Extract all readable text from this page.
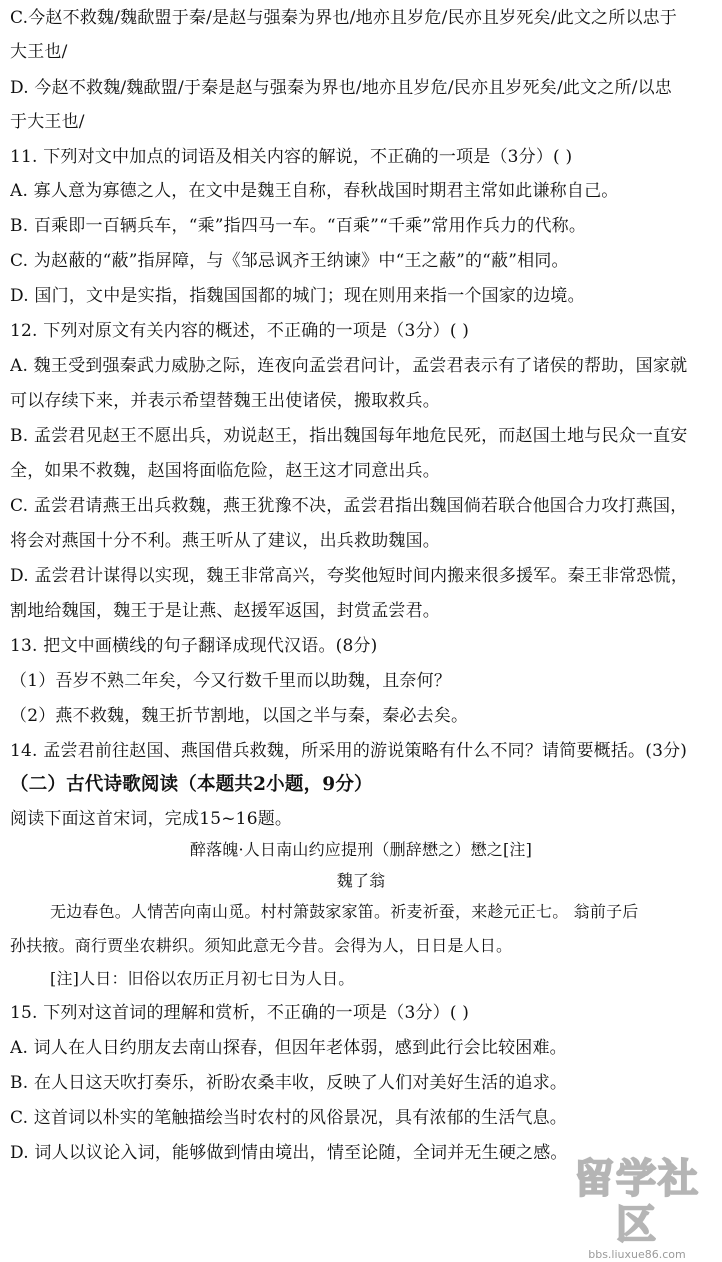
C.今赵不救魏/魏歃盟于秦/是赵与强秦为界也/地亦且岁危/民亦且岁死矣/此文之所以忠于
大王也/
D. 今赵不救魏/魏歃盟/于秦是赵与强秦为界也/地亦且岁危/民亦且岁死矣/此文之所/以忠
于大王也/
11. 下列对文中加点的词语及相关内容的解说，不正确的一项是（3分）( )
A. 寡人意为寡德之人，在文中是魏王自称，春秋战国时期君主常如此谦称自己。
B. 百乘即一百辆兵车，“乘”指四马一车。“百乘”“千乘”常用作兵力的代称。
C. 为赵蔽的“蔽”指屏障，与《邹忌讽齐王纳谏》中“王之蔽”的“蔽”相同。
D. 国门，文中是实指，指魏国国都的城门；现在则用来指一个国家的边境。
12. 下列对原文有关内容的概述，不正确的一项是（3分）( )
A. 魏王受到强秦武力威胁之际，连夜向孟尝君问计，孟尝君表示有了诸侯的帮助，国家就
可以存续下来，并表示希望替魏王出使诸侯，搬取救兵。
B. 孟尝君见赵王不愿出兵，劝说赵王，指出魏国每年地危民死，而赵国土地与民众一直安
全，如果不救魏，赵国将面临危险，赵王这才同意出兵。
C. 孟尝君请燕王出兵救魏，燕王犹豫不决，孟尝君指出魏国倘若联合他国合力攻打燕国，
将会对燕国十分不利。燕王听从了建议，出兵救助魏国。
D. 孟尝君计谋得以实现，魏王非常高兴，夸奖他短时间内搬来很多援军。秦王非常恐慌，
割地给魏国，魏王于是让燕、赵援军返国，封赏孟尝君。
13. 把文中画横线的句子翻译成现代汉语。(8分)
（1）吾岁不熟二年矣，今又行数千里而以助魏，且奈何？
（2）燕不救魏，魏王折节割地，以国之半与秦，秦必去矣。
14. 孟尝君前往赵国、燕国借兵救魏，所采用的游说策略有什么不同？请简要概括。(3分)
（二）古代诗歌阅读（本题共2小题，9分）
阅读下面这首宋词，完成15~16题。
醉落魄·人日南山约应提刑（删辞懋之）懋之[注]
魏了翁
无边春色。人情苦向南山觅。村村箫鼓家家笛。祈麦祈蚕，来趁元正七。 翁前子后
孙扶掖。商行贾坐农耕织。须知此意无今昔。会得为人，日日是人日。
[注]人日：旧俗以农历正月初七日为人日。
15. 下列对这首词的理解和赏析，不正确的一项是（3分）( )
A. 词人在人日约朋友去南山探春，但因年老体弱，感到此行会比较困难。
B. 在人日这天吹打奏乐，祈盼农桑丰收，反映了人们对美好生活的追求。
C. 这首词以朴实的笔触描绘当时农村的风俗景况，具有浓郁的生活气息。
D. 词人以议论入词，能够做到情由境出，情至论随，全词并无生硬之感。
留学社区
bbs.liuxue86.com
